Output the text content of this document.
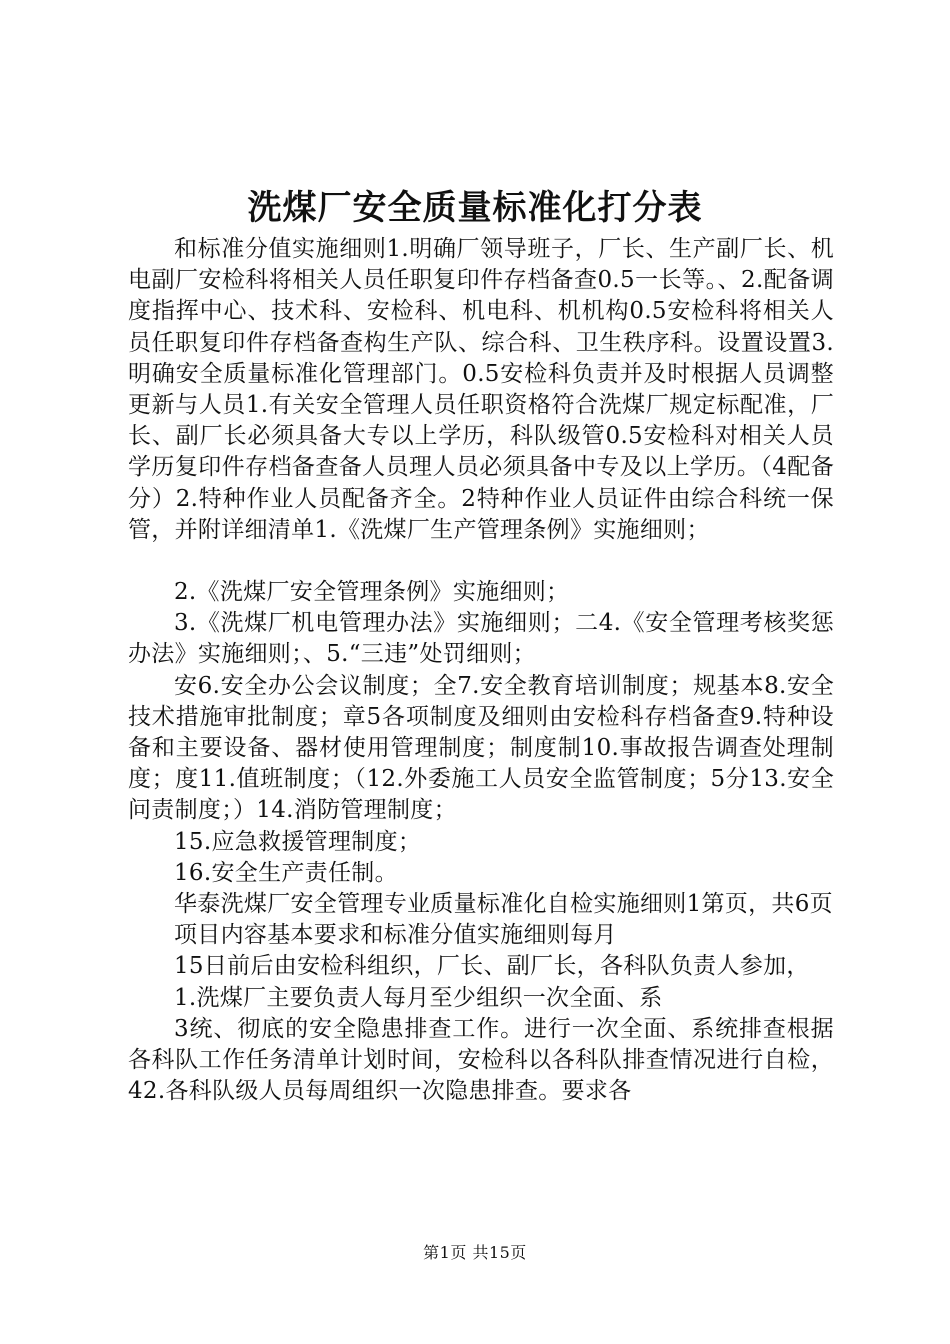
洗煤厂安全质量标准化打分表

和标准分值实施细则1.明确厂领导班子，厂长、生产副厂长、机电副厂安检科将相关人员任职复印件存档备查0.5一长等。、2.配备调度指挥中心、技术科、安检科、机电科、机机构0.5安检科将相关人员任职复印件存档备查构生产队、综合科、卫生秩序科。设置设置3.明确安全质量标准化管理部门。0.5安检科负责并及时根据人员调整更新与人员1.有关安全管理人员任职资格符合洗煤厂规定标配准，厂长、副厂长必须具备大专以上学历，科队级管0.5安检科对相关人员学历复印件存档备查备人员理人员必须具备中专及以上学历。（4配备分）2.特种作业人员配备齐全。2特种作业人员证件由综合科统一保管，并附详细清单1.《洗煤厂生产管理条例》实施细则；

2.《洗煤厂安全管理条例》实施细则；

3.《洗煤厂机电管理办法》实施细则；二4.《安全管理考核奖惩办法》实施细则；、5.“三违”处罚细则；

安6.安全办公会议制度；全7.安全教育培训制度；规基本8.安全技术措施审批制度；章5各项制度及细则由安检科存档备查9.特种设备和主要设备、器材使用管理制度；制度制10.事故报告调查处理制度；度11.值班制度；（12.外委施工人员安全监管制度；5分13.安全问责制度；）14.消防管理制度；

15.应急救援管理制度；

16.安全生产责任制。

华泰洗煤厂安全管理专业质量标准化自检实施细则1第页，共6页

项目内容基本要求和标准分值实施细则每月

15日前后由安检科组织，厂长、副厂长，各科队负责人参加，

1.洗煤厂主要负责人每月至少组织一次全面、系

3统、彻底的安全隐患排查工作。进行一次全面、系统排查根据各科队工作任务清单计划时间，安检科以各科队排查情况进行自检，42.各科队级人员每周组织一次隐患排查。要求各

第1页 共15页
